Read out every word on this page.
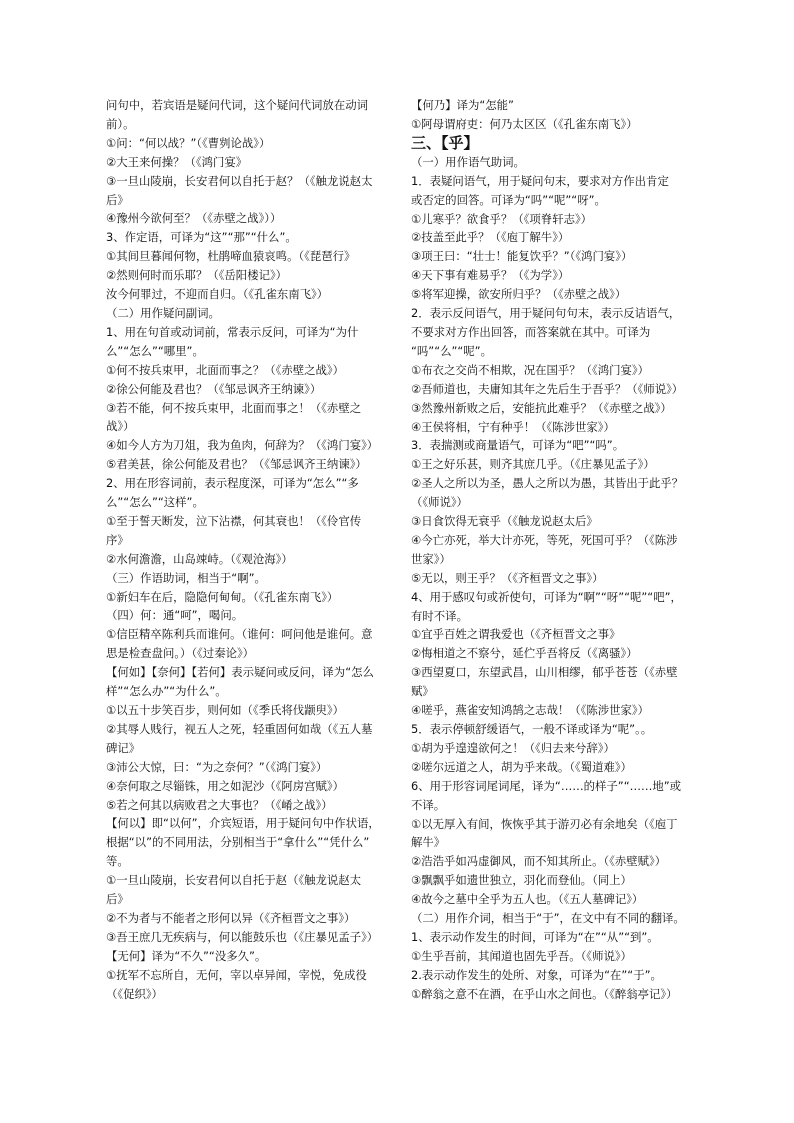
问句中，若宾语是疑问代词，这个疑问代词放在动词

前）。

①问：“何以战？”（《曹刿论战》）

②大王来何操？（《鸿门宴》

③一旦山陵崩，长安君何以自托于赵？（《触龙说赵太

后》

④豫州今欲何至？（《赤壁之战》））

3、作定语，可译为“这”“那”“什么”。

①其间旦暮闻何物，杜鹃啼血猿哀鸣。（《琵琶行》

②然则何时而乐耶？（《岳阳楼记》）

汝今何罪过，不迎而自归。（《孔雀东南飞》）

（二）用作疑问副词。

1、用在句首或动词前，常表示反问，可译为“为什

么”“怎么”“哪里”。

①何不按兵束甲，北面而事之？（《赤壁之战》）

②徐公何能及君也？（《邹忌讽齐王纳谏》）

③若不能，何不按兵束甲，北面而事之！（《赤壁之

战》）

④如今人方为刀俎，我为鱼肉，何辞为？（《鸿门宴》）

⑤君美甚，徐公何能及君也？（《邹忌讽齐王纳谏》）

2、用在形容词前，表示程度深，可译为“怎么”“多

么”“怎么”“这样”。

①至于誓天断发，泣下沾襟，何其衰也！（《伶官传

序》

②水何澹澹，山岛竦峙。（《观沧海》）

（三）作语助词，相当于“啊”。

①新妇车在后，隐隐何甸甸。（《孔雀东南飞》）

（四）何：通“呵”，喝问。

①信臣精卒陈利兵而谁何。（谁何：呵问他是谁何。意

思是检查盘问。）（《过秦论》）

【何如】【奈何】【若何】表示疑问或反问，译为“怎么

样”“怎么办”“为什么”。

①以五十步笑百步，则何如（《季氏将伐颛臾》）

②其辱人贱行，视五人之死，轻重固何如哉（《五人墓

碑记》

③沛公大惊，曰：“为之奈何？”（《鸿门宴》）

④奈何取之尽锱铢，用之如泥沙（《阿房宫赋》）

⑤若之何其以病败君之大事也？（《崤之战》）

【何以】即“以何”，介宾短语，用于疑问句中作状语，

根据“以”的不同用法，分别相当于“拿什么”“凭什么”

等。

①一旦山陵崩，长安君何以自托于赵（《触龙说赵太

后》

②不为者与不能者之形何以异（《齐桓晋文之事》）

③吾王庶几无疾病与，何以能鼓乐也（《庄暴见孟子》）

【无何】译为“不久”“没多久”。

①抚军不忘所自，无何，宰以卓异闻，宰悦，免成役

（《促织》）

【何乃】译为“怎能”

①阿母谓府吏：何乃太区区（《孔雀东南飞》）

三、【乎】

（一）用作语气助词。

1．表疑问语气，用于疑问句末，要求对方作出肯定

或否定的回答。可译为“吗”“呢”“呀”。

①儿寒乎？欲食乎？（《项脊轩志》）

②技盖至此乎？（《庖丁解牛》）

③项王曰：“壮士！能复饮乎？”（《鸿门宴》）

④天下事有难易乎？（《为学》）

⑤将军迎操，欲安所归乎？（《赤壁之战》）

2．表示反问语气，用于疑问句句末，表示反诘语气，

不要求对方作出回答，而答案就在其中。可译为

“吗”“么”“呢”。

①布衣之交尚不相欺，况在国乎？（《鸿门宴》）

②吾师道也，夫庸知其年之先后生于吾乎？（《师说》）

③然豫州新败之后，安能抗此难乎？（《赤壁之战》）

④王侯将相，宁有种乎！（《陈涉世家》）

3．表揣测或商量语气，可译为“吧”“吗”。

①王之好乐甚，则齐其庶几乎。（《庄暴见孟子》）

②圣人之所以为圣，愚人之所以为愚，其皆出于此乎？

（《师说》）

③日食饮得无衰乎（《触龙说赵太后》

④今亡亦死，举大计亦死，等死，死国可乎？（《陈涉

世家》）

⑤无以，则王乎？（《齐桓晋文之事》）

4、用于感叹句或祈使句，可译为“啊”“呀”“呢”“吧”，

有时不译。

①宜乎百姓之谓我爱也（《齐桓晋文之事》

②悔相道之不察兮，延伫乎吾将反（《离骚》）

③西望夏口，东望武昌，山川相缪，郁乎苍苍（《赤壁

赋》

④嗟乎，燕雀安知鸿鹄之志哉！（《陈涉世家》）

5．表示停顿舒缓语气，一般不译或译为“呢”。。

①胡为乎遑遑欲何之！（《归去来兮辞》）

②嗟尔远道之人，胡为乎来哉。（《蜀道难》）

6、用于形容词尾词尾，译为“……的样子”“……地”或

不译。

①以无厚入有间，恢恢乎其于游刃必有余地矣（《庖丁

解牛》

②浩浩乎如冯虚御风，而不知其所止。（《赤壁赋》）

③飘飘乎如遗世独立，羽化而登仙。（同上）

④故今之墓中全乎为五人也。（《五人墓碑记》）

（二）用作介词，相当于“于”，在文中有不同的翻译。

1、表示动作发生的时间，可译为“在”“从”“到”。

①生乎吾前，其闻道也固先乎吾。（《师说》）

2.表示动作发生的处所、对象，可译为“在”“于”。

①醉翁之意不在酒，在乎山水之间也。（《醉翁亭记》）
